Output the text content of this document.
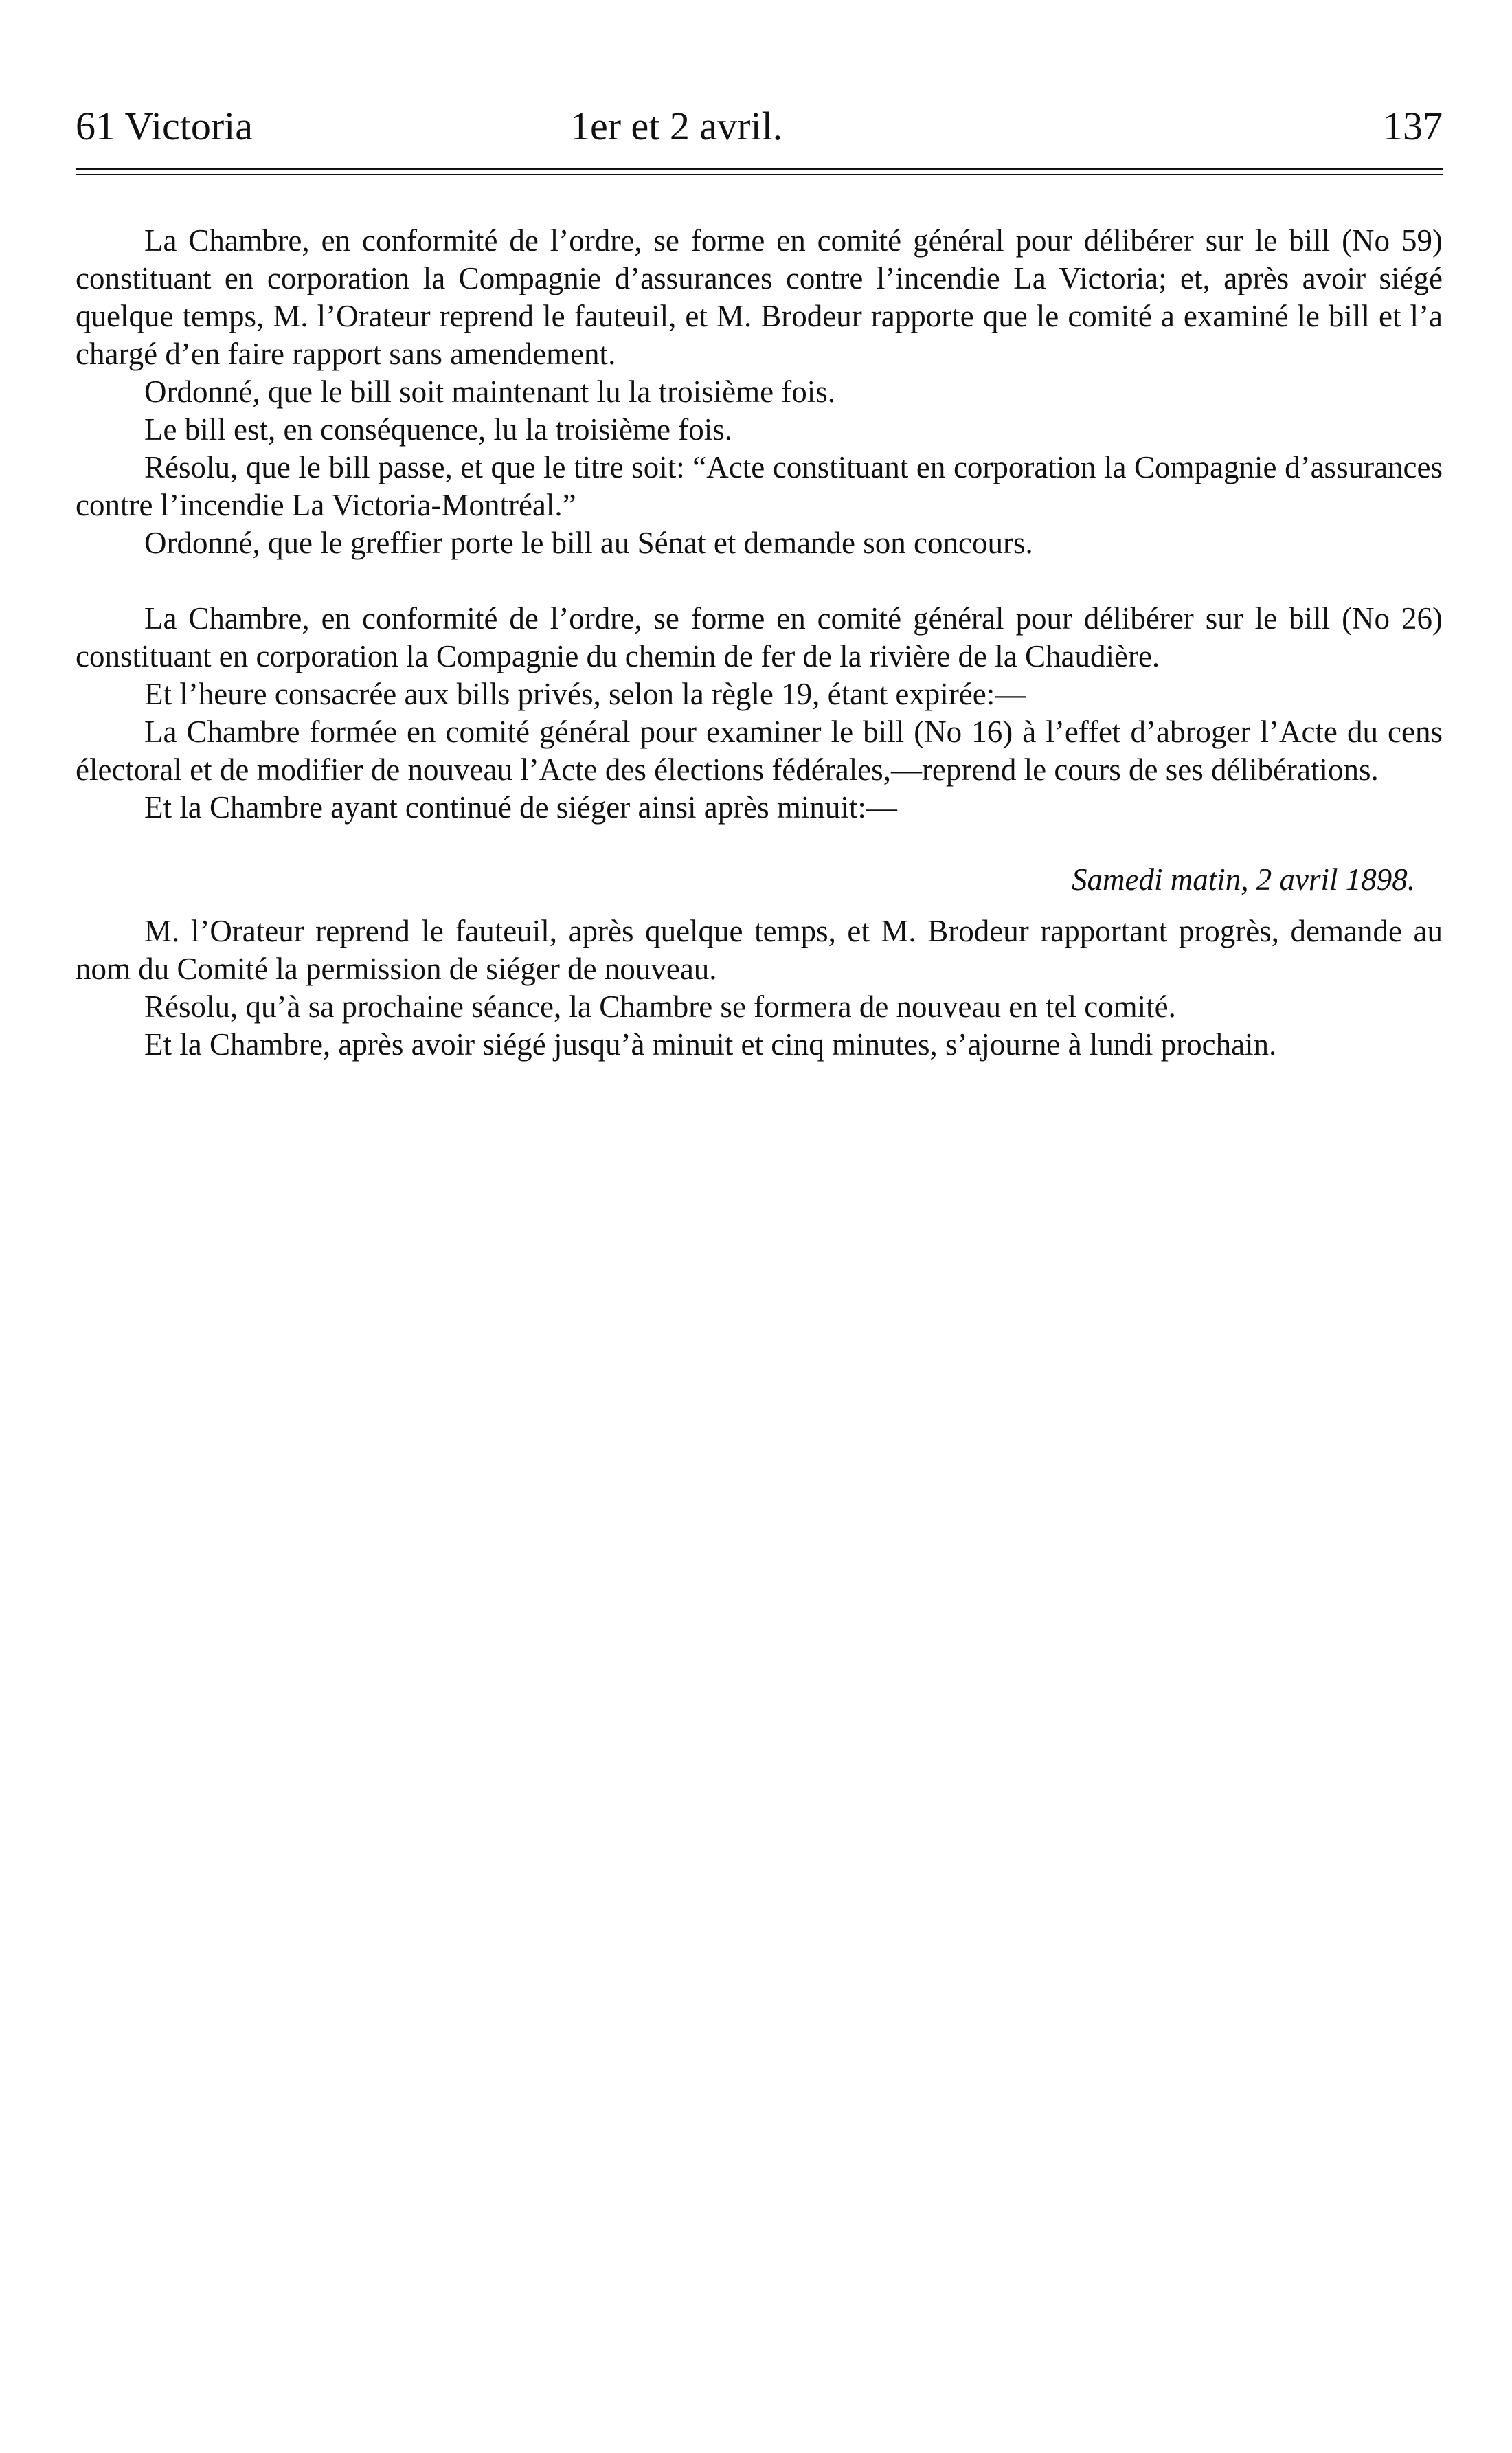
61 Victoria	1er et 2 avril.	137

La Chambre, en conformité de l’ordre, se forme en comité général pour délibérer sur le bill (No 59) constituant en corporation la Compagnie d’assurances contre l’incendie La Victoria; et, après avoir siégé quelque temps, M. l’Orateur reprend le fauteuil, et M. Brodeur rapporte que le comité a examiné le bill et l’a chargé d’en faire rapport sans amendement.

Ordonné, que le bill soit maintenant lu la troisième fois.

Le bill est, en conséquence, lu la troisième fois.

Résolu, que le bill passe, et que le titre soit: “Acte constituant en corporation la Compagnie d’assurances contre l’incendie La Victoria-Montréal.”

Ordonné, que le greffier porte le bill au Sénat et demande son concours.

La Chambre, en conformité de l’ordre, se forme en comité général pour délibérer sur le bill (No 26) constituant en corporation la Compagnie du chemin de fer de la rivière de la Chaudière.

Et l’heure consacrée aux bills privés, selon la règle 19, étant expirée:—

La Chambre formée en comité général pour examiner le bill (No 16) à l’effet d’abroger l’Acte du cens électoral et de modifier de nouveau l’Acte des élections fédérales,—reprend le cours de ses délibérations.

Et la Chambre ayant continué de siéger ainsi après minuit:—

Samedi matin, 2 avril 1898.

M. l’Orateur reprend le fauteuil, après quelque temps, et M. Brodeur rapportant progrès, demande au nom du Comité la permission de siéger de nouveau.

Résolu, qu’à sa prochaine séance, la Chambre se formera de nouveau en tel comité.

Et la Chambre, après avoir siégé jusqu’à minuit et cinq minutes, s’ajourne à lundi prochain.
